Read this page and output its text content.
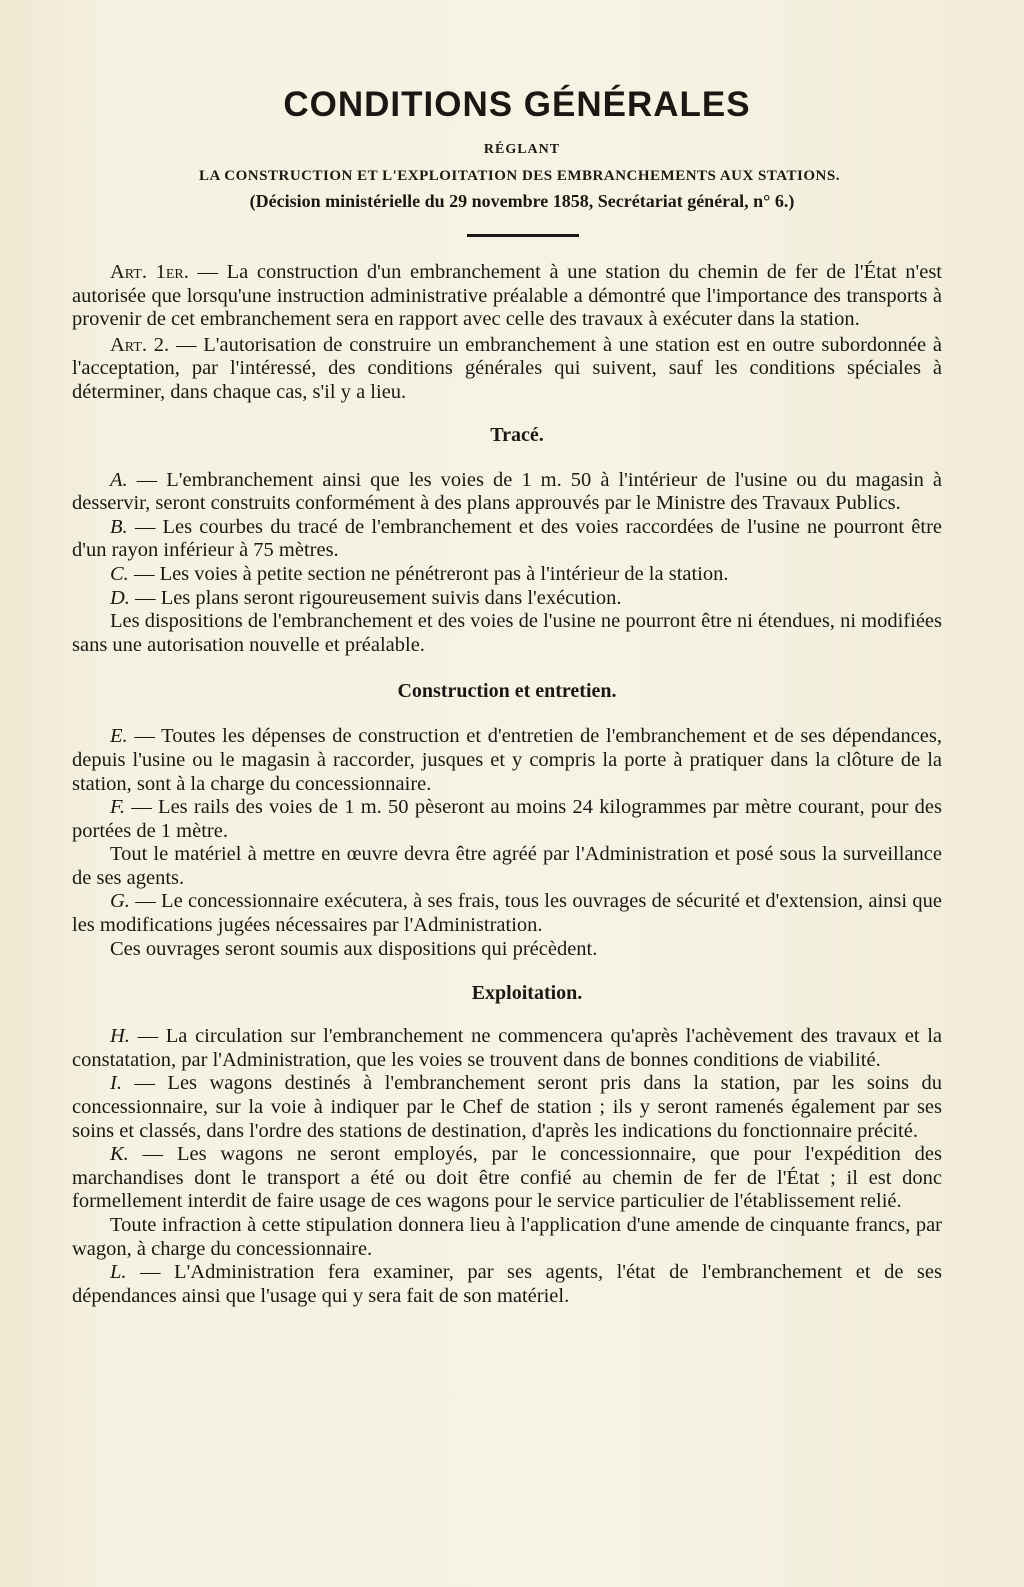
CONDITIONS GÉNÉRALES
RÉGLANT
LA CONSTRUCTION ET L'EXPLOITATION DES EMBRANCHEMENTS AUX STATIONS.
(Décision ministérielle du 29 novembre 1858, Secrétariat général, n° 6.)

Art. 1er. — La construction d'un embranchement à une station du chemin de fer de l'État n'est autorisée que lorsqu'une instruction administrative préalable a démontré que l'importance des transports à provenir de cet embranchement sera en rapport avec celle des travaux à exécuter dans la station.

Art. 2. — L'autorisation de construire un embranchement à une station est en outre subordonnée à l'acceptation, par l'intéressé, des conditions générales qui suivent, sauf les conditions spéciales à déterminer, dans chaque cas, s'il y a lieu.

Tracé.

A. — L'embranchement ainsi que les voies de 1 m. 50 à l'intérieur de l'usine ou du magasin à desservir, seront construits conformément à des plans approuvés par le Ministre des Travaux Publics.

B. — Les courbes du tracé de l'embranchement et des voies raccordées de l'usine ne pourront être d'un rayon inférieur à 75 mètres.

C. — Les voies à petite section ne pénétreront pas à l'intérieur de la station.

D. — Les plans seront rigoureusement suivis dans l'exécution.

Les dispositions de l'embranchement et des voies de l'usine ne pourront être ni étendues, ni modifiées sans une autorisation nouvelle et préalable.

Construction et entretien.

E. — Toutes les dépenses de construction et d'entretien de l'embranchement et de ses dépendances, depuis l'usine ou le magasin à raccorder, jusques et y compris la porte à pratiquer dans la clôture de la station, sont à la charge du concessionnaire.

F. — Les rails des voies de 1 m. 50 pèseront au moins 24 kilogrammes par mètre courant, pour des portées de 1 mètre.

Tout le matériel à mettre en œuvre devra être agréé par l'Administration et posé sous la surveillance de ses agents.

G. — Le concessionnaire exécutera, à ses frais, tous les ouvrages de sécurité et d'extension, ainsi que les modifications jugées nécessaires par l'Administration.

Ces ouvrages seront soumis aux dispositions qui précèdent.

Exploitation.

H. — La circulation sur l'embranchement ne commencera qu'après l'achèvement des travaux et la constatation, par l'Administration, que les voies se trouvent dans de bonnes conditions de viabilité.

I. — Les wagons destinés à l'embranchement seront pris dans la station, par les soins du concessionnaire, sur la voie à indiquer par le Chef de station ; ils y seront ramenés également par ses soins et classés, dans l'ordre des stations de destination, d'après les indications du fonctionnaire précité.

K. — Les wagons ne seront employés, par le concessionnaire, que pour l'expédition des marchandises dont le transport a été ou doit être confié au chemin de fer de l'État ; il est donc formellement interdit de faire usage de ces wagons pour le service particulier de l'établissement relié.

Toute infraction à cette stipulation donnera lieu à l'application d'une amende de cinquante francs, par wagon, à charge du concessionnaire.

L. — L'Administration fera examiner, par ses agents, l'état de l'embranchement et de ses dépendances ainsi que l'usage qui y sera fait de son matériel.
